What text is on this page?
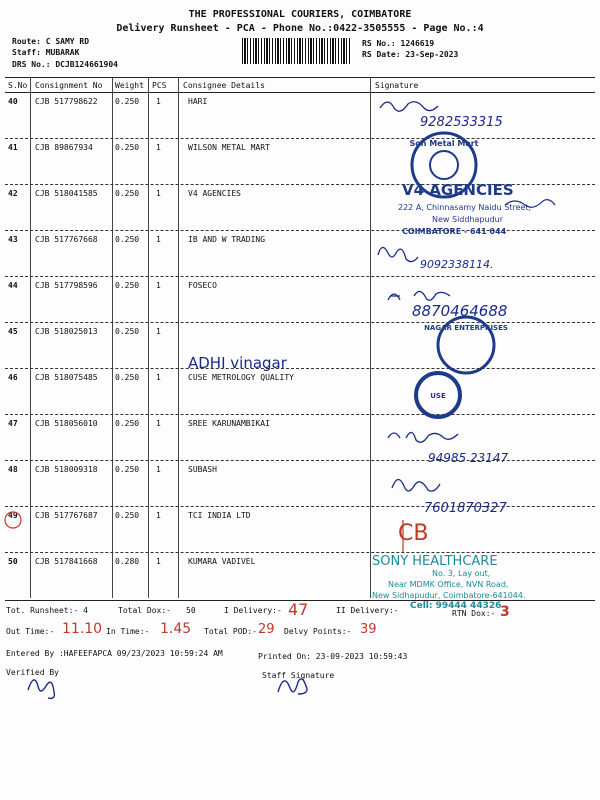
THE PROFESSIONAL COURIERS, COIMBATORE
Delivery Runsheet - PCA - Phone No.:0422-3505555 - Page No.:4
Route: C SAMY RD
Staff: MUBARAK
DRS No.: DCJB124661904
RS No.: 1246619
RS Date: 23-Sep-2023
S.No Consignment No Weight PCS Consignee Details	Signature
40 CJB 517798622 0.250 1	HARI
41 CJB 89867934	0.250 1	WILSON METAL MART
42 CJB 518041585 0.250 1	V4 AGENCIES
43 CJB 517767668 0.250 1	IB AND W TRADING
44 CJB 517798596 0.250 1	FOSECO
45 CJB 518025013 0.250 1
46 CJB 518075485 0.250 1	CUSE METROLOGY QUALITY
47 CJB 518056010 0.250 1	SREE KARUNAMBIKAI
48 CJB 518009318 0.250 1	SUBASH
49 CJB 517767687 0.250 1	TCI INDIA LTD
50 CJB 517841668 0.280 1	KUMARA VADIVEL
9282533315
Son Metal Mart
V4 AGENCIES
222 A, Chinnasamy Naidu Street,
New Siddhapudur
COIMBATORE - 641 044
9092338114.
8870464688
ADHI vinagar
NAGAR ENTERPRISES
USE
94985 23147
7601870327
CB
SONY HEALTHCARE
No. 3, Lay out,
Near MDMK Office, NVN Road,
New Sidhapudur, Coimbatore-641044.
Cell: 99444 44326
Tot. Runsheet:- 4	Total Dox:- 50	I Delivery:- 47	II Delivery:-	RTN Dox:- 3
Out Time:- 11.10 In Time:- 1.45 Total POD:- 29 Delvy Points:- 39
Entered By :HAFEEFAPCA 09/23/2023 10:59:24 AM	Printed On: 23-09-2023 10:59:43
Verified By	Staff Signature
